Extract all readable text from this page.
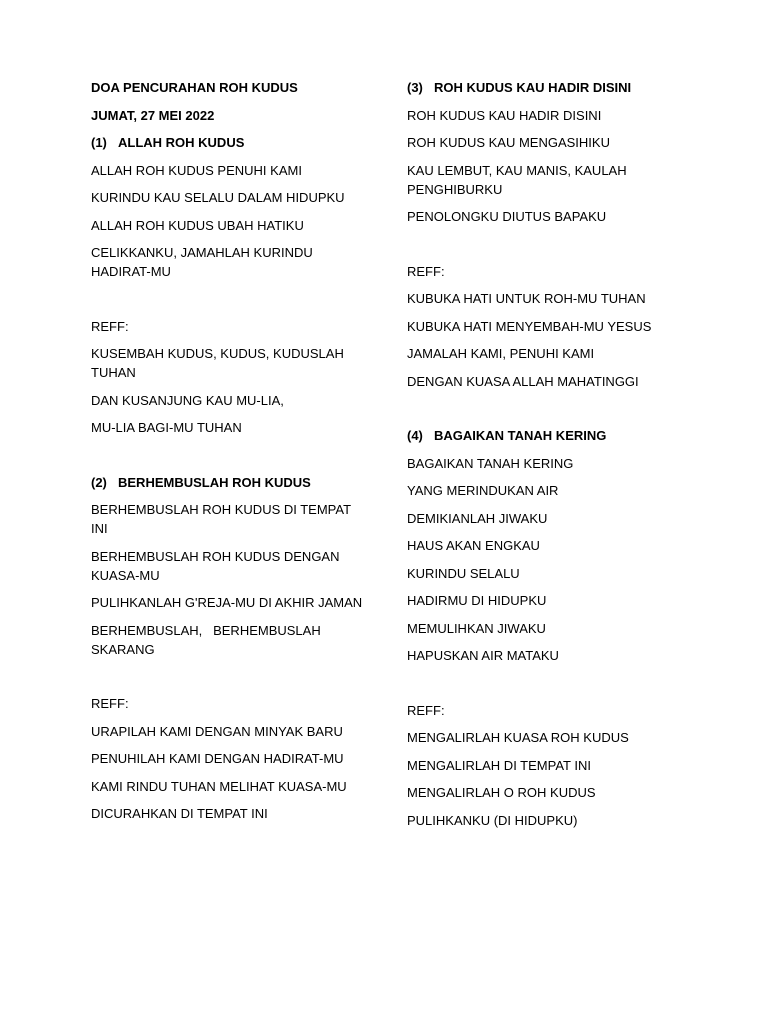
DOA PENCURAHAN ROH KUDUS

JUMAT, 27 MEI 2022

(1) ALLAH ROH KUDUS

ALLAH ROH KUDUS PENUHI KAMI

KURINDU KAU SELALU DALAM HIDUPKU

ALLAH ROH KUDUS UBAH HATIKU

CELIKKANKU, JAMAHLAH KURINDU HADIRAT-MU

REFF:

KUSEMBAH KUDUS, KUDUS, KUDUSLAH TUHAN

DAN KUSANJUNG KAU MU-LIA,

MU-LIA BAGI-MU TUHAN

(2) BERHEMBUSLAH ROH KUDUS

BERHEMBUSLAH ROH KUDUS DI TEMPAT INI

BERHEMBUSLAH ROH KUDUS DENGAN KUASA-MU

PULIHKANLAH G'REJA-MU DI AKHIR JAMAN

BERHEMBUSLAH,   BERHEMBUSLAH SKARANG

REFF:

URAPILAH KAMI DENGAN MINYAK BARU

PENUHILAH KAMI DENGAN HADIRAT-MU

KAMI RINDU TUHAN MELIHAT KUASA-MU

DICURAHKAN DI TEMPAT INI

(3) ROH KUDUS KAU HADIR DISINI

ROH KUDUS KAU HADIR DISINI

ROH KUDUS KAU MENGASIHIKU

KAU LEMBUT, KAU MANIS, KAULAH PENGHIBURKU

PENOLONGKU DIUTUS BAPAKU

REFF:

KUBUKA HATI UNTUK ROH-MU TUHAN

KUBUKA HATI MENYEMBAH-MU YESUS

JAMALAH KAMI, PENUHI KAMI

DENGAN KUASA ALLAH MAHATINGGI

(4) BAGAIKAN TANAH KERING

BAGAIKAN TANAH KERING

YANG MERINDUKAN AIR

DEMIKIANLAH JIWAKU

HAUS AKAN ENGKAU

KURINDU SELALU

HADIRMU DI HIDUPKU

MEMULIHKAN JIWAKU

HAPUSKAN AIR MATAKU

REFF:

MENGALIRLAH KUASA ROH KUDUS

MENGALIRLAH DI TEMPAT INI

MENGALIRLAH O ROH KUDUS

PULIHKANKU (DI HIDUPKU)
